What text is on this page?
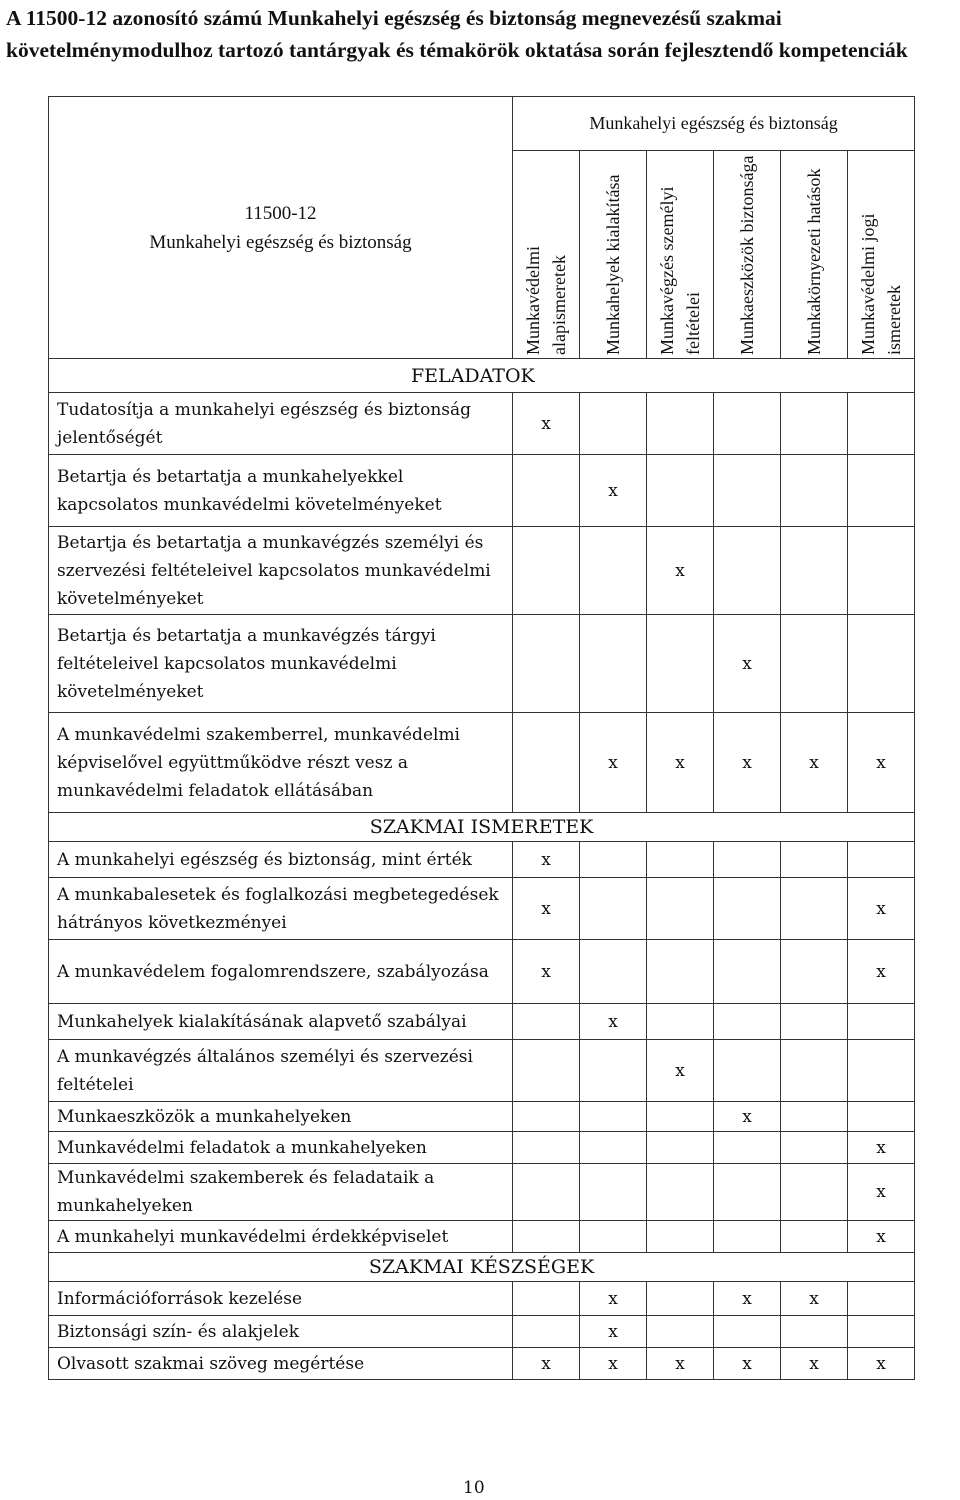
A 11500-12 azonosító számú Munkahelyi egészség és biztonság megnevezésű szakmai követelménymodulhoz tartozó tantárgyak és témakörök oktatása során fejlesztendő kompetenciák
11500-12
Munkahelyi egészség és biztonság	Munkahelyi egészség és biztonság					

	Munkavédelmi alapismeretek	Munkahelyek kialakítása	Munkavégzés személyi feltételei	Munkaeszközök biztonsága	Munkakörnyezeti hatások	Munkavédelmi jogi ismeretek

FELADATOK						
Tudatosítja a munkahelyi egészség és biztonság jelentőségét	x					
Betartja és betartatja a munkahelyekkel kapcsolatos munkavédelmi követelményeket		x				
Betartja és betartatja a munkavégzés személyi és szervezési feltételeivel kapcsolatos munkavédelmi követelményeket			x			
Betartja és betartatja a munkavégzés tárgyi feltételeivel kapcsolatos munkavédelmi követelményeket				x		
A munkavédelmi szakemberrel, munkavédelmi képviselővel együttműködve részt vesz a munkavédelmi feladatok ellátásában		x	x	x	x	x
SZAKMAI ISMERETEK						
A munkahelyi egészség és biztonság, mint érték	x					
A munkabalesetek és foglalkozási megbetegedések hátrányos következményei	x					x
A munkavédelem fogalomrendszere, szabályozása	x					x
Munkahelyek kialakításának alapvető szabályai		x				
A munkavégzés általános személyi és szervezési feltételei			x			
Munkaeszközök a munkahelyeken				x		
Munkavédelmi feladatok a munkahelyeken						x
Munkavédelmi szakemberek és feladataik a munkahelyeken						x
A munkahelyi munkavédelmi érdekképviselet						x
SZAKMAI KÉSZSÉGEK						
Információforrások kezelése		x		x	x	
Biztonsági szín- és alakjelek		x				
Olvasott szakmai szöveg megértése	x	x	x	x	x	x
10
